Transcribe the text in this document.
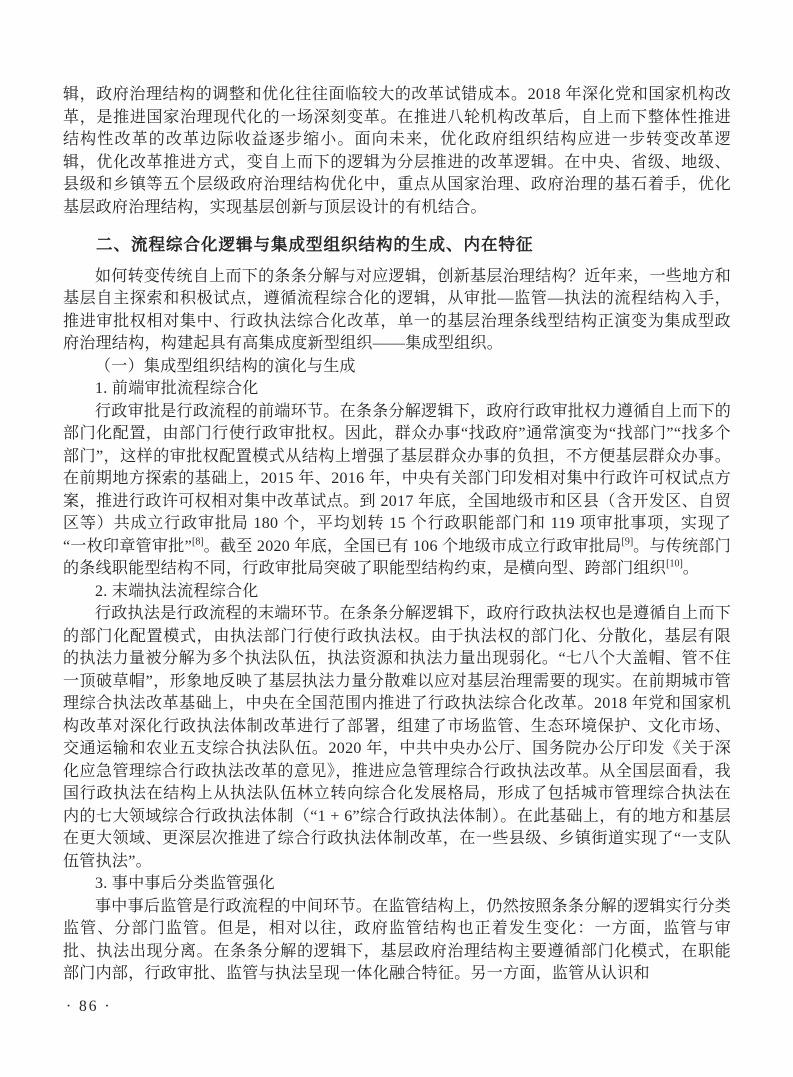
辑，政府治理结构的调整和优化往往面临较大的改革试错成本。2018 年深化党和国家机构改革，是推进国家治理现代化的一场深刻变革。在推进八轮机构改革后，自上而下整体性推进结构性改革的改革边际收益逐步缩小。面向未来，优化政府组织结构应进一步转变改革逻辑，优化改革推进方式，变自上而下的逻辑为分层推进的改革逻辑。在中央、省级、地级、县级和乡镇等五个层级政府治理结构优化中，重点从国家治理、政府治理的基石着手，优化基层政府治理结构，实现基层创新与顶层设计的有机结合。

二、流程综合化逻辑与集成型组织结构的生成、内在特征

如何转变传统自上而下的条条分解与对应逻辑，创新基层治理结构？近年来，一些地方和基层自主探索和积极试点，遵循流程综合化的逻辑，从审批—监管—执法的流程结构入手，推进审批权相对集中、行政执法综合化改革，单一的基层治理条线型结构正演变为集成型政府治理结构，构建起具有高集成度新型组织——集成型组织。

（一）集成型组织结构的演化与生成

1. 前端审批流程综合化

行政审批是行政流程的前端环节。在条条分解逻辑下，政府行政审批权力遵循自上而下的部门化配置，由部门行使行政审批权。因此，群众办事“找政府”通常演变为“找部门”“找多个部门”，这样的审批权配置模式从结构上增强了基层群众办事的负担，不方便基层群众办事。在前期地方探索的基础上，2015 年、2016 年，中央有关部门印发相对集中行政许可权试点方案，推进行政许可权相对集中改革试点。到 2017 年底，全国地级市和区县（含开发区、自贸区等）共成立行政审批局 180 个，平均划转 15 个行政职能部门和 119 项审批事项，实现了“一枚印章管审批”[8]。截至 2020 年底，全国已有 106 个地级市成立行政审批局[9]。与传统部门的条线职能型结构不同，行政审批局突破了职能型结构约束，是横向型、跨部门组织[10]。

2. 末端执法流程综合化

行政执法是行政流程的末端环节。在条条分解逻辑下，政府行政执法权也是遵循自上而下的部门化配置模式，由执法部门行使行政执法权。由于执法权的部门化、分散化，基层有限的执法力量被分解为多个执法队伍，执法资源和执法力量出现弱化。“七八个大盖帽、管不住一顶破草帽”，形象地反映了基层执法力量分散难以应对基层治理需要的现实。在前期城市管理综合执法改革基础上，中央在全国范围内推进了行政执法综合化改革。2018 年党和国家机构改革对深化行政执法体制改革进行了部署，组建了市场监管、生态环境保护、文化市场、交通运输和农业五支综合执法队伍。2020 年，中共中央办公厅、国务院办公厅印发《关于深化应急管理综合行政执法改革的意见》，推进应急管理综合行政执法改革。从全国层面看，我国行政执法在结构上从执法队伍林立转向综合化发展格局，形成了包括城市管理综合执法在内的七大领域综合行政执法体制（“1 + 6”综合行政执法体制）。在此基础上，有的地方和基层在更大领域、更深层次推进了综合行政执法体制改革，在一些县级、乡镇街道实现了“一支队伍管执法”。

3. 事中事后分类监管强化

事中事后监管是行政流程的中间环节。在监管结构上，仍然按照条条分解的逻辑实行分类监管、分部门监管。但是，相对以往，政府监管结构也正着发生变化：一方面，监管与审批、执法出现分离。在条条分解的逻辑下，基层政府治理结构主要遵循部门化模式，在职能部门内部，行政审批、监管与执法呈现一体化融合特征。另一方面，监管从认识和

· 86 ·
